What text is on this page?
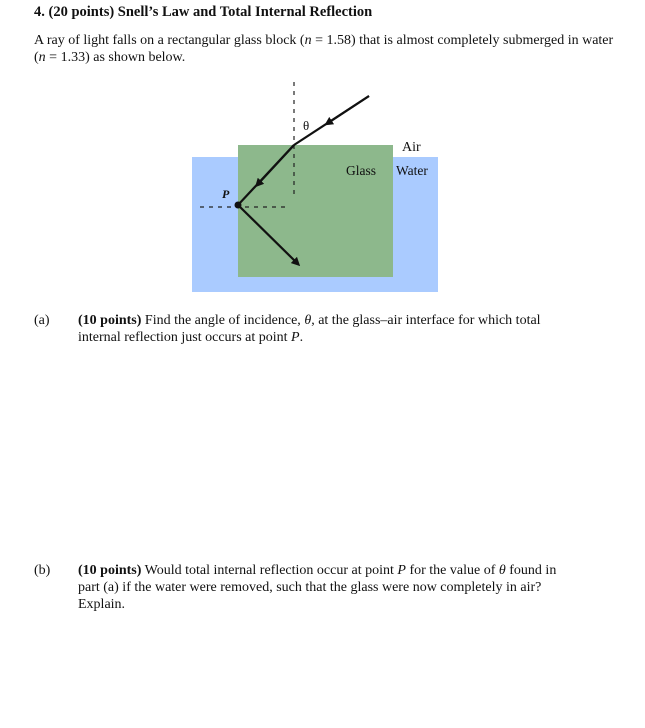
4. (20 points) Snell’s Law and Total Internal Reflection
A ray of light falls on a rectangular glass block (n = 1.58) that is almost completely submerged in water (n = 1.33) as shown below.
θ
Air
Glass Water
P
(a) (10 points) Find the angle of incidence, θ, at the glass–air interface for which total internal reflection just occurs at point P.
(b) (10 points) Would total internal reflection occur at point P for the value of θ found in part (a) if the water were removed, such that the glass were now completely in air? Explain.
